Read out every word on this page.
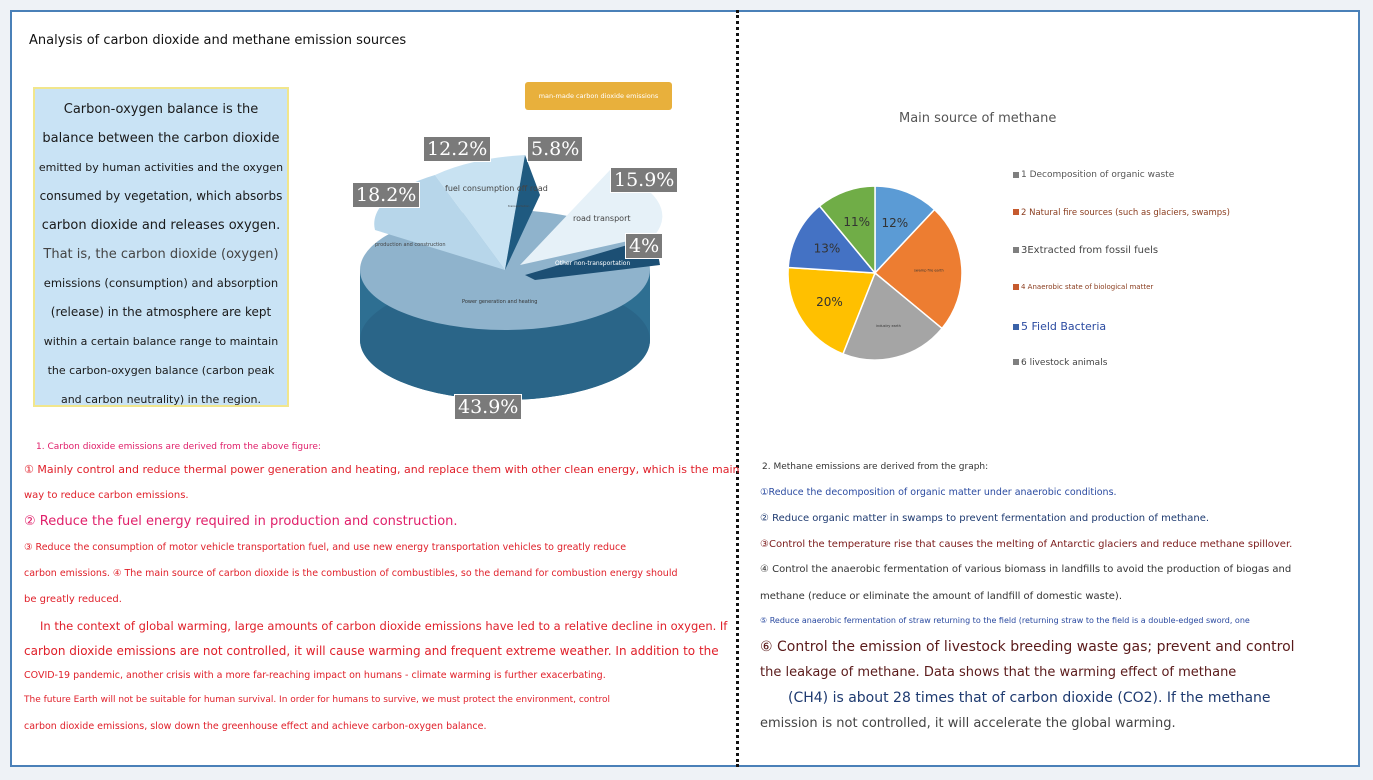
Analysis of carbon dioxide and methane emission sources
Carbon-oxygen balance is the
balance between the carbon dioxide
emitted by human activities and the oxygen
consumed by vegetation, which absorbs
carbon dioxide and releases oxygen.
That is, the carbon dioxide (oxygen)
emissions (consumption) and absorption
(release) in the atmosphere are kept
within a certain balance range to maintain
the carbon-oxygen balance (carbon peak
and carbon neutrality) in the region.
man-made carbon dioxide emissions
fuel consumption off road
transportation
road transport
production and construction
Other non-transportation
Power generation and heating
12.2% 5.8%
15.9%
18.2%
4%
43.9%
Main source of methane
12%
swamp fire earth
industry earth
20%
13%
11%
1 Decomposition of organic waste
2 Natural fire sources (such as glaciers, swamps)
3Extracted from fossil fuels
4 Anaerobic state of biological matter
5 Field Bacteria
6 livestock animals
1. Carbon dioxide emissions are derived from the above figure:
① Mainly control and reduce thermal power generation and heating, and replace them with other clean energy, which is the main
way to reduce carbon emissions.
② Reduce the fuel energy required in production and construction.
③ Reduce the consumption of motor vehicle transportation fuel, and use new energy transportation vehicles to greatly reduce
carbon emissions. ④ The main source of carbon dioxide is the combustion of combustibles, so the demand for combustion energy should
be greatly reduced.
In the context of global warming, large amounts of carbon dioxide emissions have led to a relative decline in oxygen. If
carbon dioxide emissions are not controlled, it will cause warming and frequent extreme weather. In addition to the
COVID-19 pandemic, another crisis with a more far-reaching impact on humans - climate warming is further exacerbating.
The future Earth will not be suitable for human survival. In order for humans to survive, we must protect the environment, control
carbon dioxide emissions, slow down the greenhouse effect and achieve carbon-oxygen balance.
2. Methane emissions are derived from the graph:
①Reduce the decomposition of organic matter under anaerobic conditions.
② Reduce organic matter in swamps to prevent fermentation and production of methane.
③Control the temperature rise that causes the melting of Antarctic glaciers and reduce methane spillover.
④ Control the anaerobic fermentation of various biomass in landfills to avoid the production of biogas and
methane (reduce or eliminate the amount of landfill of domestic waste).
⑤ Reduce anaerobic fermentation of straw returning to the field (returning straw to the field is a double-edged sword, one
⑥ Control the emission of livestock breeding waste gas; prevent and control
the leakage of methane. Data shows that the warming effect of methane
(CH4) is about 28 times that of carbon dioxide (CO2). If the methane
emission is not controlled, it will accelerate the global warming.
